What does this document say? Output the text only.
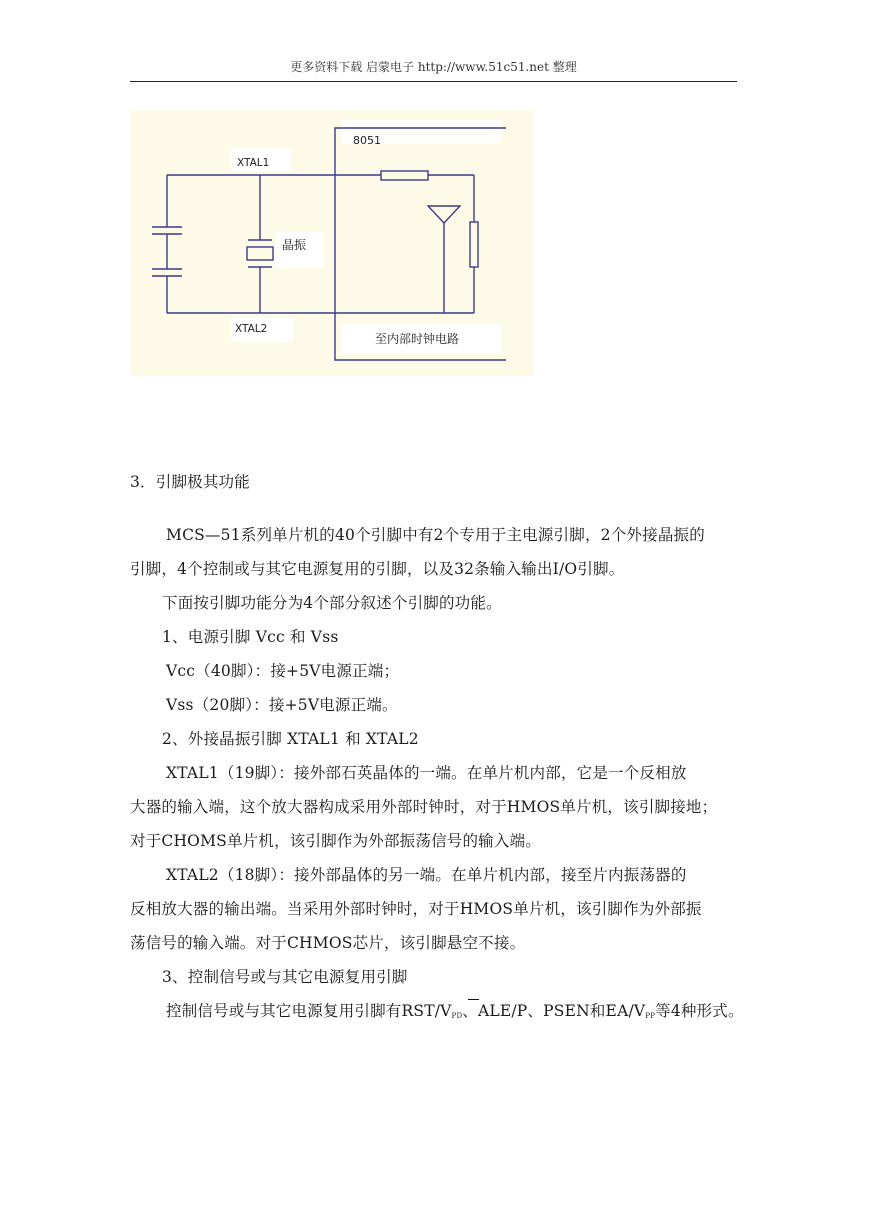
更多资料下载 启蒙电子 http://www.51c51.net 整理
8051
XTAL1
晶振
XTAL2
至内部时钟电路
3．引脚极其功能
MCS—51系列单片机的40个引脚中有2个专用于主电源引脚，2个外接晶振的
引脚，4个控制或与其它电源复用的引脚，以及32条输入输出I/O引脚。
下面按引脚功能分为4个部分叙述个引脚的功能。
1、电源引脚 Vcc 和 Vss
Vcc（40脚）：接+5V电源正端；
Vss（20脚）：接+5V电源正端。
2、外接晶振引脚 XTAL1 和 XTAL2
XTAL1（19脚）：接外部石英晶体的一端。在单片机内部，它是一个反相放
大器的输入端，这个放大器构成采用外部时钟时，对于HMOS单片机，该引脚接地；
对于CHOMS单片机，该引脚作为外部振荡信号的输入端。
XTAL2（18脚）：接外部晶体的另一端。在单片机内部，接至片内振荡器的
反相放大器的输出端。当采用外部时钟时，对于HMOS单片机，该引脚作为外部振
荡信号的输入端。对于CHMOS芯片，该引脚悬空不接。
3、控制信号或与其它电源复用引脚
控制信号或与其它电源复用引脚有RST/$V_{PD}$、ALE/P、PSEN和$EA/V_{PP}$等4种形式。
